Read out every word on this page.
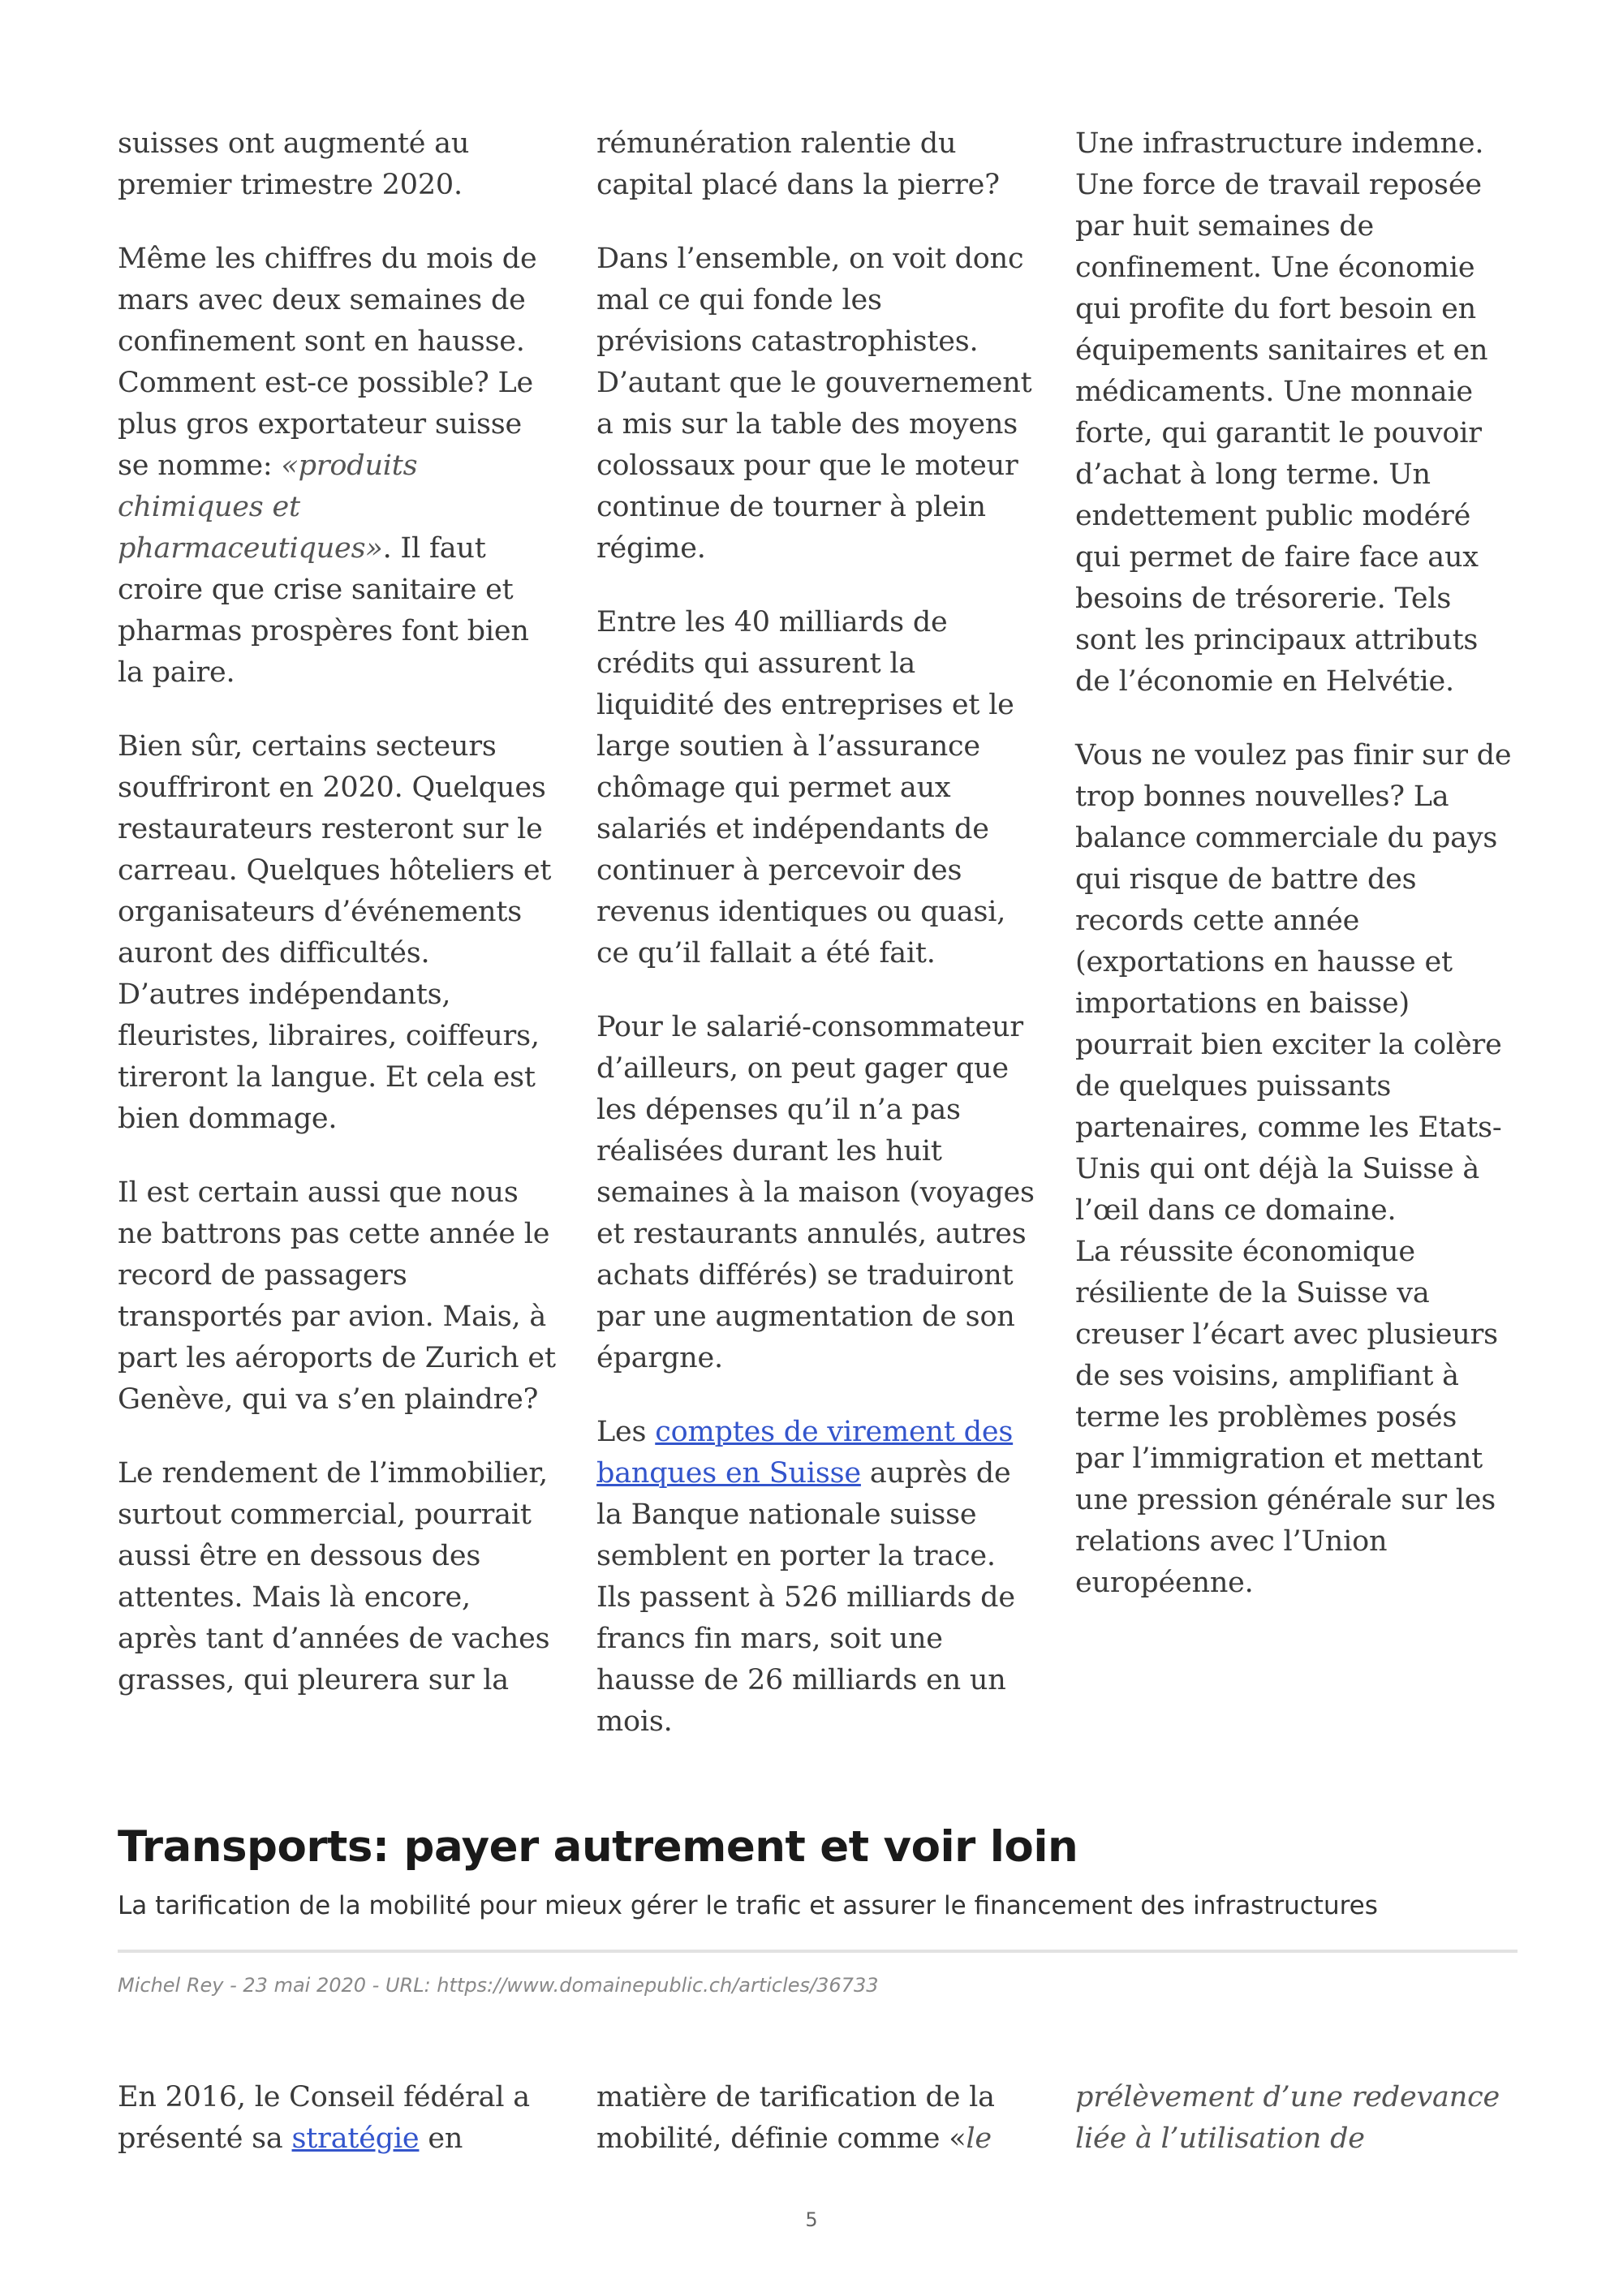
suisses ont augmenté au premier trimestre 2020.

Même les chiffres du mois de mars avec deux semaines de confinement sont en hausse. Comment est-ce possible? Le plus gros exportateur suisse se nomme: «produits chimiques et pharmaceutiques». Il faut croire que crise sanitaire et pharmas prospères font bien la paire.

Bien sûr, certains secteurs souffriront en 2020. Quelques restaurateurs resteront sur le carreau. Quelques hôteliers et organisateurs d’événements auront des difficultés. D’autres indépendants, fleuristes, libraires, coiffeurs, tireront la langue. Et cela est bien dommage.

Il est certain aussi que nous ne battrons pas cette année le record de passagers transportés par avion. Mais, à part les aéroports de Zurich et Genève, qui va s’en plaindre?

Le rendement de l’immobilier, surtout commercial, pourrait aussi être en dessous des attentes. Mais là encore, après tant d’années de vaches grasses, qui pleurera sur la

rémunération ralentie du capital placé dans la pierre?

Dans l’ensemble, on voit donc mal ce qui fonde les prévisions catastrophistes. D’autant que le gouvernement a mis sur la table des moyens colossaux pour que le moteur continue de tourner à plein régime.

Entre les 40 milliards de crédits qui assurent la liquidité des entreprises et le large soutien à l’assurance chômage qui permet aux salariés et indépendants de continuer à percevoir des revenus identiques ou quasi, ce qu’il fallait a été fait.

Pour le salarié-consommateur d’ailleurs, on peut gager que les dépenses qu’il n’a pas réalisées durant les huit semaines à la maison (voyages et restaurants annulés, autres achats différés) se traduiront par une augmentation de son épargne.

Les comptes de virement des banques en Suisse auprès de la Banque nationale suisse semblent en porter la trace. Ils passent à 526 milliards de francs fin mars, soit une hausse de 26 milliards en un mois.

Une infrastructure indemne. Une force de travail reposée par huit semaines de confinement. Une économie qui profite du fort besoin en équipements sanitaires et en médicaments. Une monnaie forte, qui garantit le pouvoir d’achat à long terme. Un endettement public modéré qui permet de faire face aux besoins de trésorerie. Tels sont les principaux attributs de l’économie en Helvétie.

Vous ne voulez pas finir sur de trop bonnes nouvelles? La balance commerciale du pays qui risque de battre des records cette année (exportations en hausse et importations en baisse) pourrait bien exciter la colère de quelques puissants partenaires, comme les Etats-Unis qui ont déjà la Suisse à l’œil dans ce domaine.

La réussite économique résiliente de la Suisse va creuser l’écart avec plusieurs de ses voisins, amplifiant à terme les problèmes posés par l’immigration et mettant une pression générale sur les relations avec l’Union européenne.

Transports: payer autrement et voir loin

La tarification de la mobilité pour mieux gérer le trafic et assurer le financement des infrastructures

Michel Rey - 23 mai 2020 - URL: https://www.domainepublic.ch/articles/36733

En 2016, le Conseil fédéral a présenté sa stratégie en

matière de tarification de la mobilité, définie comme «le

prélèvement d’une redevance liée à l’utilisation de

5
